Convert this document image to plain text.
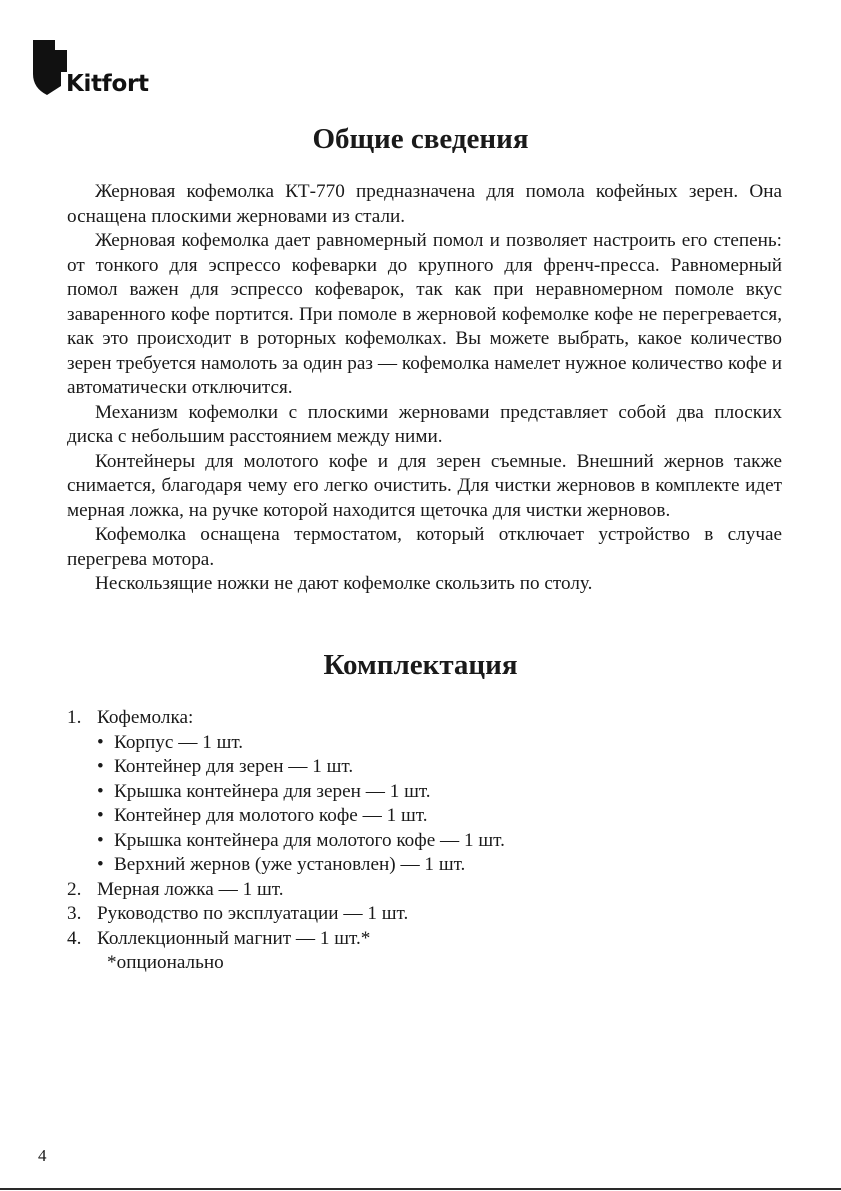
Kitfort
Общие сведения

Жерновая кофемолка КТ-770 предназначена для помола кофейных зерен. Она оснащена плоскими жерновами из стали.

Жерновая кофемолка дает равномерный помол и позволяет настроить его степень: от тонкого для эспрессо кофеварки до крупного для френч-пресса. Равномерный помол важен для эспрессо кофеварок, так как при неравномерном помоле вкус заваренного кофе портится. При помоле в жерновой кофемолке кофе не перегревается, как это происходит в роторных кофемолках. Вы можете выбрать, какое количество зерен требуется намолоть за один раз — кофемолка намелет нужное количество кофе и автоматически отключится.

Механизм кофемолки с плоскими жерновами представляет собой два плоских диска с небольшим расстоянием между ними.

Контейнеры для молотого кофе и для зерен съемные. Внешний жернов также снимается, благодаря чему его легко очистить. Для чистки жерновов в комплекте идет мерная ложка, на ручке которой находится щеточка для чистки жерновов.

Кофемолка оснащена термостатом, который отключает устройство в случае перегрева мотора.

Нескользящие ножки не дают кофемолке скользить по столу.

Комплектация
1. Кофемолка:
• Корпус — 1 шт.
• Контейнер для зерен — 1 шт.
• Крышка контейнера для зерен — 1 шт.
• Контейнер для молотого кофе — 1 шт.
• Крышка контейнера для молотого кофе — 1 шт.
• Верхний жернов (уже установлен) — 1 шт.
2. Мерная ложка — 1 шт.
3. Руководство по эксплуатации — 1 шт.
4. Коллекционный магнит — 1 шт.*
*опционально
4
